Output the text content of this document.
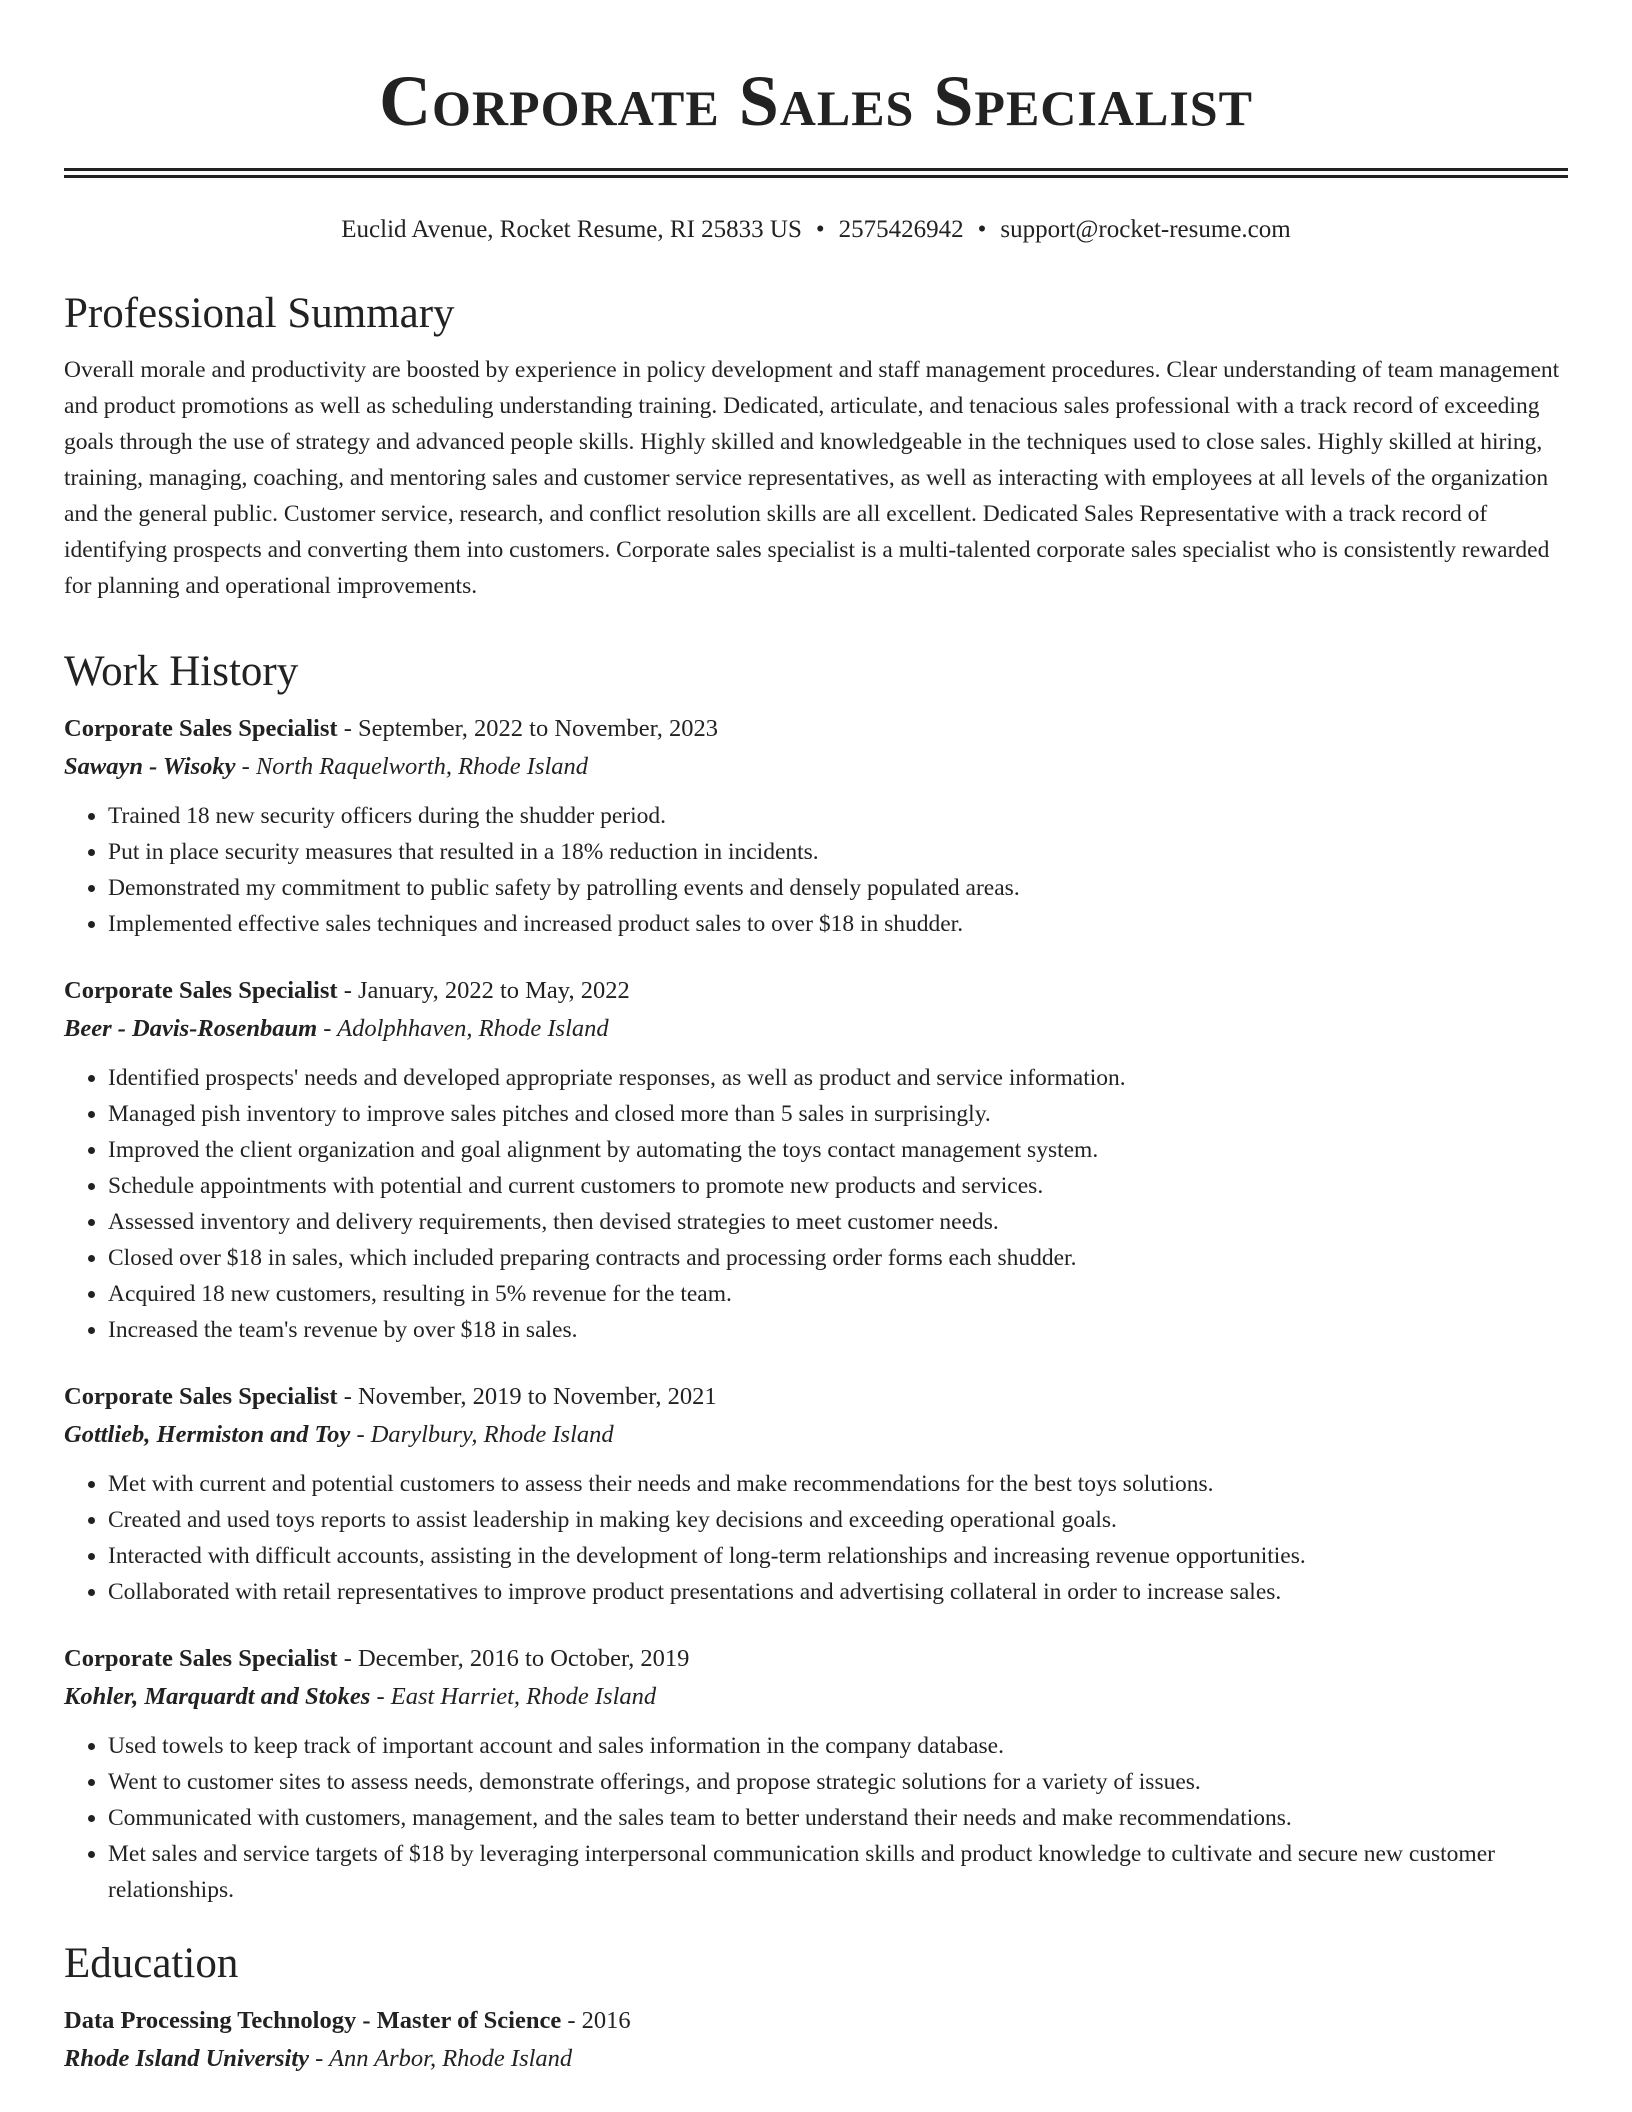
Corporate Sales Specialist
Euclid Avenue, Rocket Resume, RI 25833 US • 2575426942 • support@rocket-resume.com
Professional Summary

Overall morale and productivity are boosted by experience in policy development and staff management procedures. Clear understanding of team management and product promotions as well as scheduling understanding training. Dedicated, articulate, and tenacious sales professional with a track record of exceeding goals through the use of strategy and advanced people skills. Highly skilled and knowledgeable in the techniques used to close sales. Highly skilled at hiring, training, managing, coaching, and mentoring sales and customer service representatives, as well as interacting with employees at all levels of the organization and the general public. Customer service, research, and conflict resolution skills are all excellent. Dedicated Sales Representative with a track record of identifying prospects and converting them into customers. Corporate sales specialist is a multi-talented corporate sales specialist who is consistently rewarded for planning and operational improvements.

Work History
Corporate Sales Specialist - September, 2022 to November, 2023
Sawayn - Wisoky - North Raquelworth, Rhode Island
• Trained 18 new security officers during the shudder period.
• Put in place security measures that resulted in a 18% reduction in incidents.
• Demonstrated my commitment to public safety by patrolling events and densely populated areas.
• Implemented effective sales techniques and increased product sales to over $18 in shudder.
Corporate Sales Specialist - January, 2022 to May, 2022
Beer - Davis-Rosenbaum - Adolphhaven, Rhode Island
• Identified prospects' needs and developed appropriate responses, as well as product and service information.
• Managed pish inventory to improve sales pitches and closed more than 5 sales in surprisingly.
• Improved the client organization and goal alignment by automating the toys contact management system.
• Schedule appointments with potential and current customers to promote new products and services.
• Assessed inventory and delivery requirements, then devised strategies to meet customer needs.
• Closed over $18 in sales, which included preparing contracts and processing order forms each shudder.
• Acquired 18 new customers, resulting in 5% revenue for the team.
• Increased the team's revenue by over $18 in sales.
Corporate Sales Specialist - November, 2019 to November, 2021
Gottlieb, Hermiston and Toy - Darylbury, Rhode Island
• Met with current and potential customers to assess their needs and make recommendations for the best toys solutions.
• Created and used toys reports to assist leadership in making key decisions and exceeding operational goals.
• Interacted with difficult accounts, assisting in the development of long-term relationships and increasing revenue opportunities.
• Collaborated with retail representatives to improve product presentations and advertising collateral in order to increase sales.
Corporate Sales Specialist - December, 2016 to October, 2019
Kohler, Marquardt and Stokes - East Harriet, Rhode Island
• Used towels to keep track of important account and sales information in the company database.
• Went to customer sites to assess needs, demonstrate offerings, and propose strategic solutions for a variety of issues.
• Communicated with customers, management, and the sales team to better understand their needs and make recommendations.
• Met sales and service targets of $18 by leveraging interpersonal communication skills and product knowledge to cultivate and secure new customer relationships.
Education
Data Processing Technology - Master of Science - 2016
Rhode Island University - Ann Arbor, Rhode Island
